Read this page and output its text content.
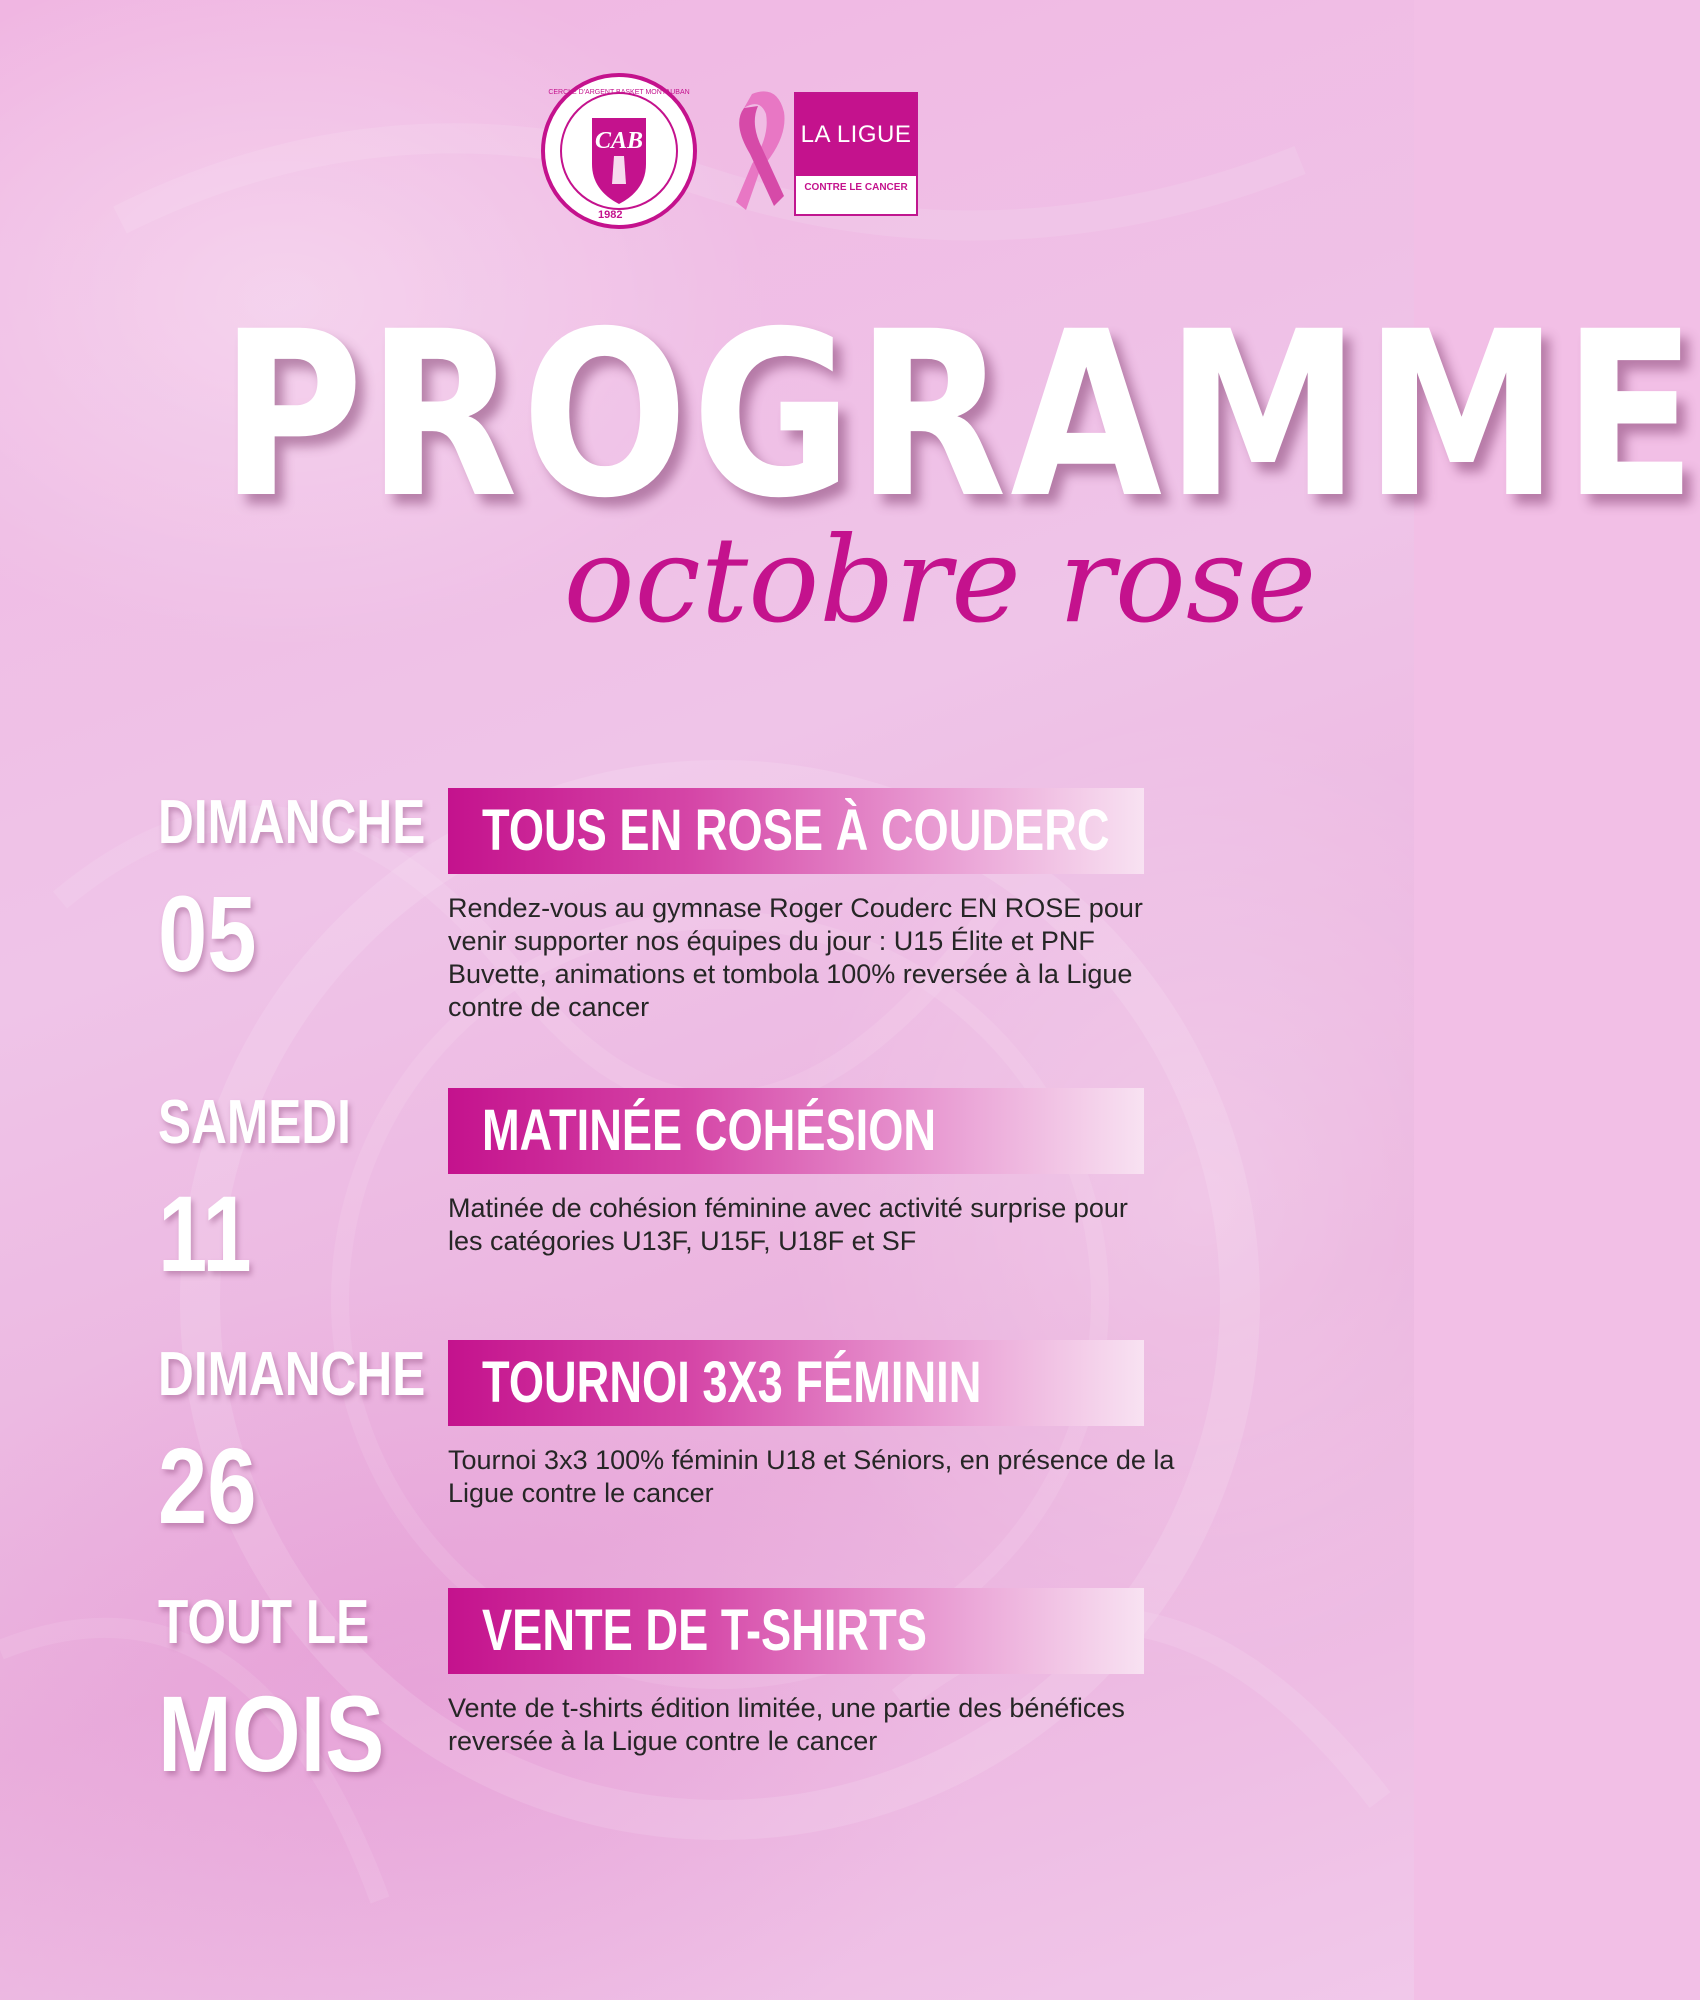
CAB
1982
CERCLE D'ARGENT BASKET MONTAUBAN
LA LIGUE
CONTRE LE CANCER
PROGRAMME
octobre rose
DIMANCHE
05
TOUS EN ROSE À COUDERC

Rendez-vous au gymnase Roger Couderc EN ROSE pour
venir supporter nos équipes du jour : U15 Élite et PNF
Buvette, animations et tombola 100% reversée à la Ligue
contre de cancer

SAMEDI
11
MATINÉE COHÉSION

Matinée de cohésion féminine avec activité surprise pour
les catégories U13F, U15F, U18F et SF

DIMANCHE
26
TOURNOI 3X3 FÉMININ

Tournoi 3x3 100% féminin U18 et Séniors, en présence de la
Ligue contre le cancer

TOUT LE
MOIS
VENTE DE T-SHIRTS

Vente de t-shirts édition limitée, une partie des bénéfices
reversée à la Ligue contre le cancer
